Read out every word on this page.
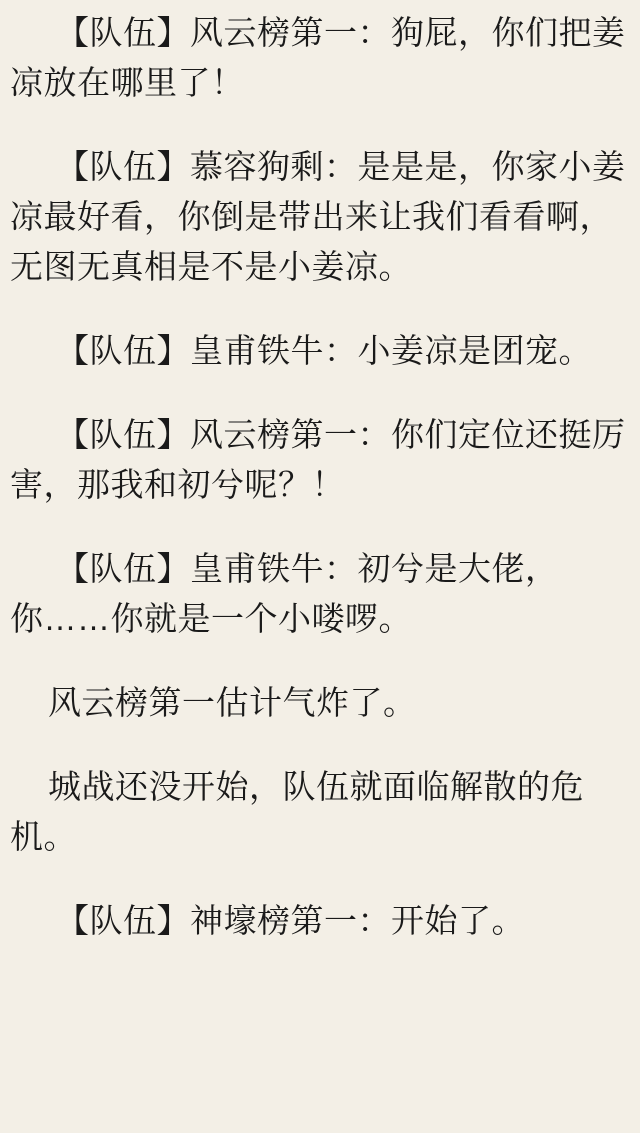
【队伍】风云榜第一：狗屁，你们把姜凉放在哪里了！

【队伍】慕容狗剩：是是是，你家小姜凉最好看，你倒是带出来让我们看看啊，无图无真相是不是小姜凉。

【队伍】皇甫铁牛：小姜凉是团宠。

【队伍】风云榜第一：你们定位还挺厉害，那我和初兮呢？！

【队伍】皇甫铁牛：初兮是大佬，你……你就是一个小喽啰。

风云榜第一估计气炸了。

城战还没开始，队伍就面临解散的危机。

【队伍】神壕榜第一：开始了。
